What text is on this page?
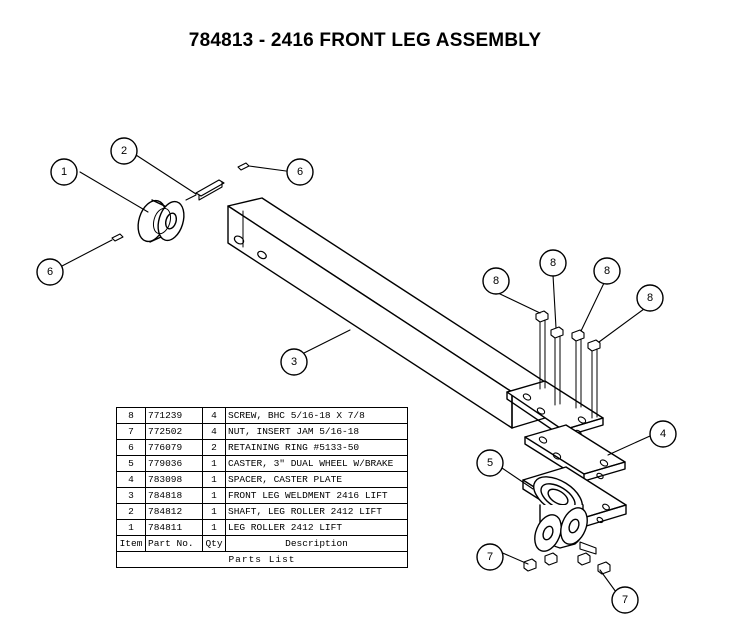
784813 - 2416 FRONT LEG ASSEMBLY
1
2
6
6
3
8
8
8
8
4
5
7
7
8	771239	4	SCREW, BHC 5/16-18 X 7/8
7	772502	4	NUT, INSERT JAM 5/16-18
6	776079	2	RETAINING RING #5133-50
5	779036	1	CASTER, 3" DUAL WHEEL W/BRAKE
4	783098	1	SPACER, CASTER PLATE
3	784818	1	FRONT LEG WELDMENT 2416 LIFT
2	784812	1	SHAFT, LEG ROLLER 2412 LIFT
1	784811	1	LEG ROLLER 2412 LIFT
Item	Part No.	Qty	Description
Parts List			
